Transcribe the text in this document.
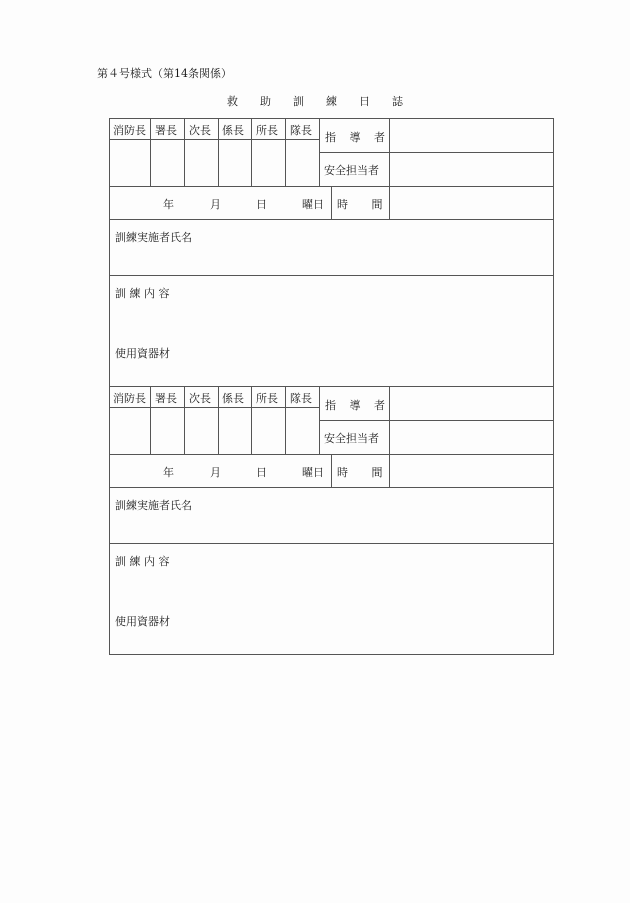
第４号様式（第14条関係）
救助訓練日誌
消防長 署長 次長 係長 所長 隊長
指 導 者
安全担当者
年	月	日	曜日 時 間
訓練実施者氏名
訓 練 内 容
使用資器材
消防長 署長 次長 係長 所長 隊長
指 導 者
安全担当者
年	月	日	曜日 時 間
訓練実施者氏名
訓 練 内 容
使用資器材
